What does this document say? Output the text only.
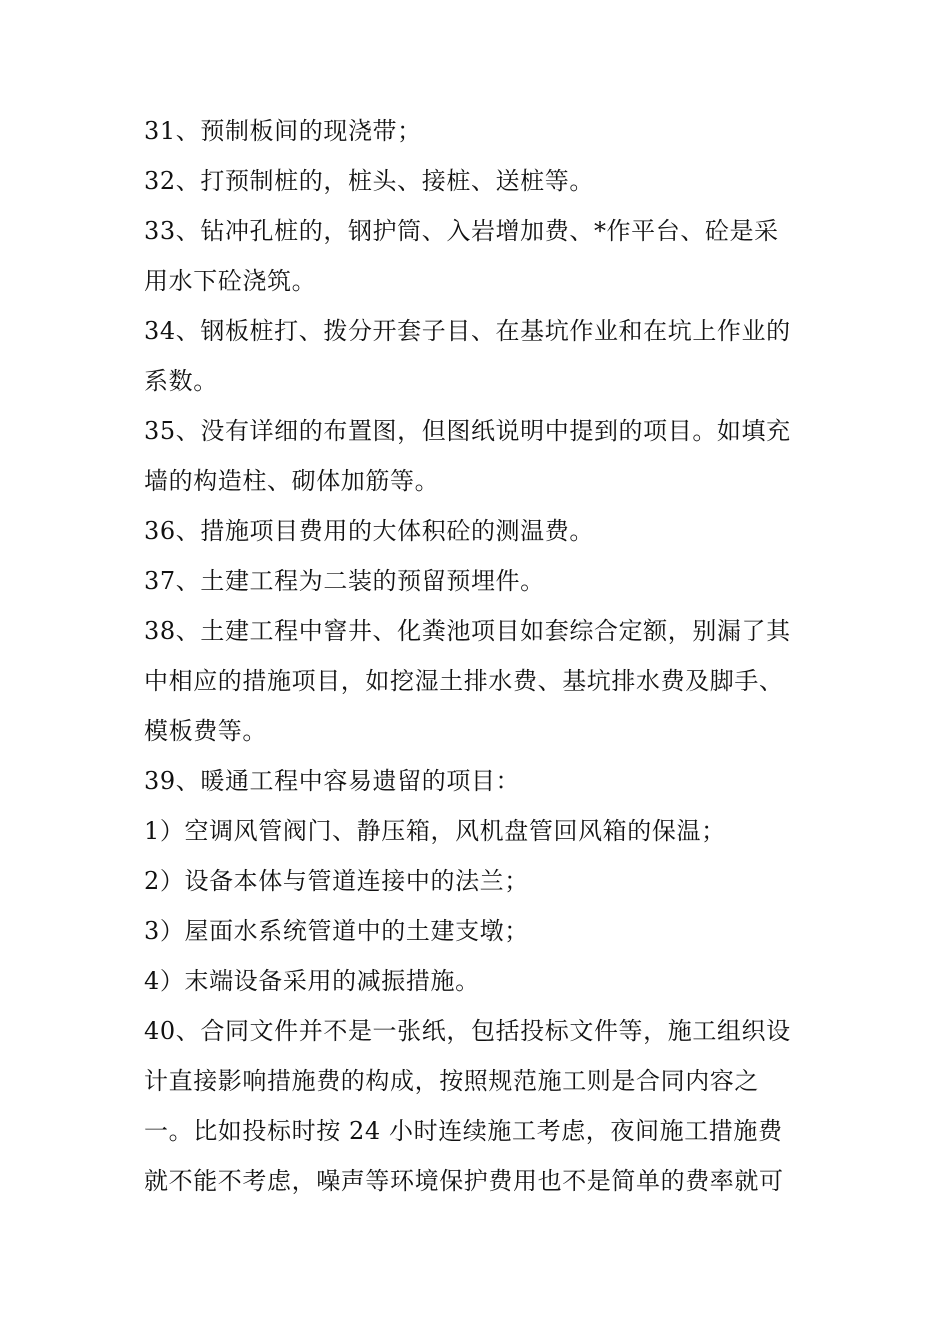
31、预制板间的现浇带；
32、打预制桩的，桩头、接桩、送桩等。
33、钻冲孔桩的，钢护筒、入岩增加费、*作平台、砼是采
用水下砼浇筑。
34、钢板桩打、拨分开套子目、在基坑作业和在坑上作业的
系数。
35、没有详细的布置图，但图纸说明中提到的项目。如填充
墙的构造柱、砌体加筋等。
36、措施项目费用的大体积砼的测温费。
37、土建工程为二装的预留预埋件。
38、土建工程中窨井、化粪池项目如套综合定额，别漏了其
中相应的措施项目，如挖湿土排水费、基坑排水费及脚手、
模板费等。
39、暖通工程中容易遗留的项目：
1）空调风管阀门、静压箱，风机盘管回风箱的保温；
2）设备本体与管道连接中的法兰；
3）屋面水系统管道中的土建支墩；
4）末端设备采用的减振措施。
40、合同文件并不是一张纸，包括投标文件等，施工组织设
计直接影响措施费的构成，按照规范施工则是合同内容之
一。比如投标时按 24 小时连续施工考虑，夜间施工措施费
就不能不考虑，噪声等环境保护费用也不是简单的费率就可
